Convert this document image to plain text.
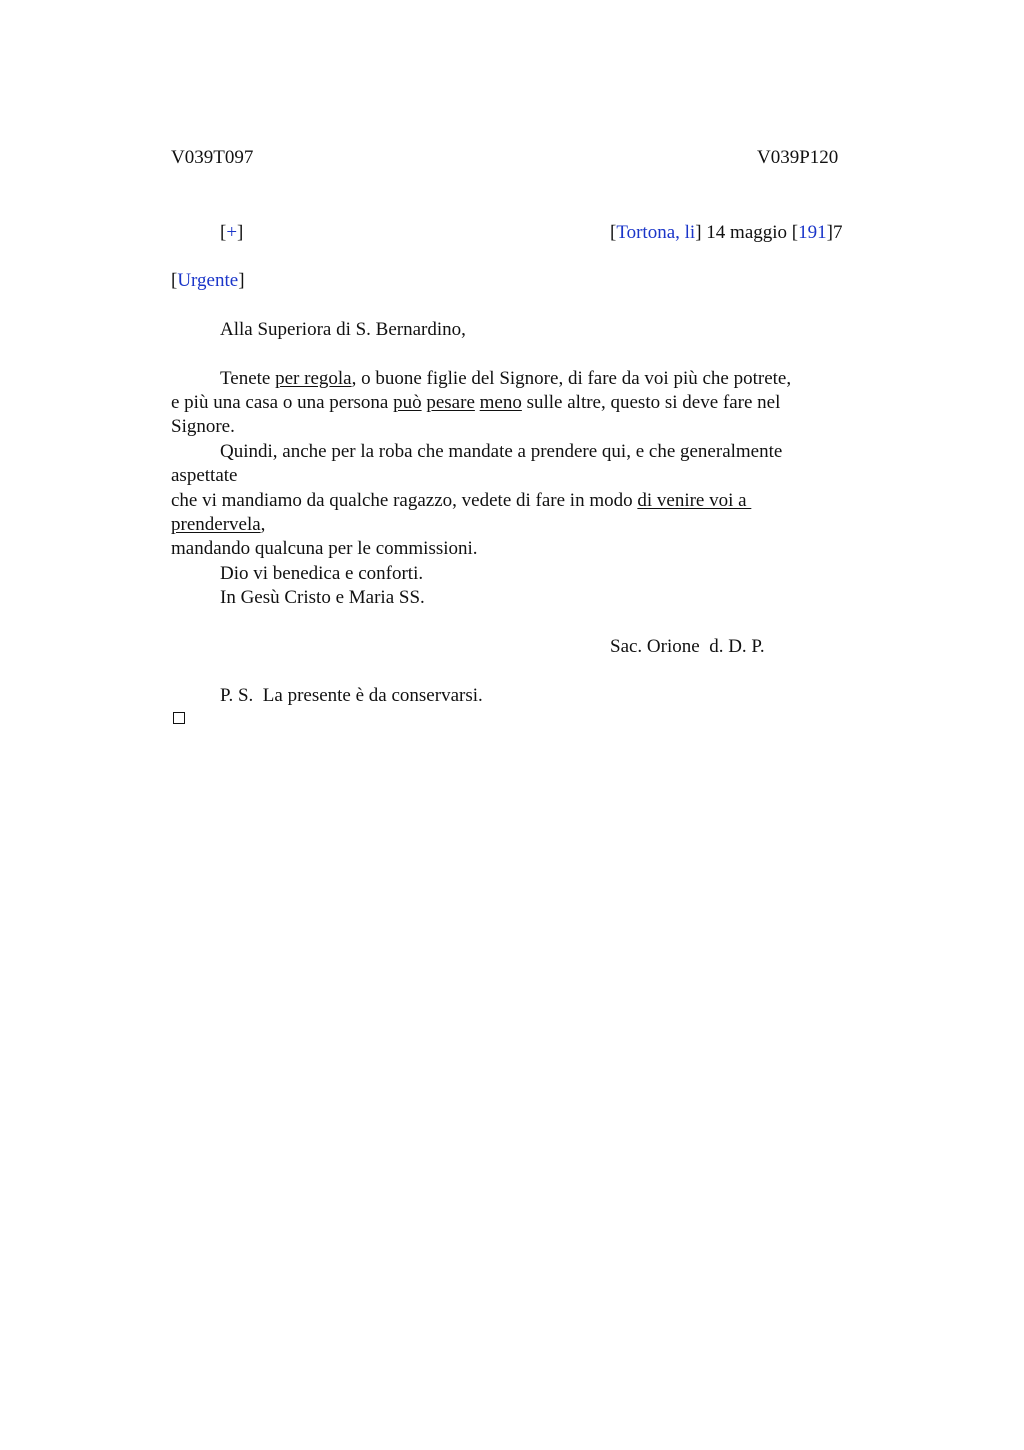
V039T097	V039P120
[+]	[Tortona, li] 14 maggio [191]7
[Urgente]
Alla Superiora di S. Bernardino,
Tenete per regola, o buone figlie del Signore, di fare da voi più che potrete,
e più una casa o una persona può pesare meno sulle altre, questo si deve fare nel
Signore.
Quindi, anche per la roba che mandate a prendere qui, e che generalmente
aspettate
che vi mandiamo da qualche ragazzo, vedete di fare in modo di venire voi a
prendervela,
mandando qualcuna per le commissioni.
Dio vi benedica e conforti.
In Gesù Cristo e Maria SS.
Sac. Orione  d. D. P.
P. S.  La presente è da conservarsi.
